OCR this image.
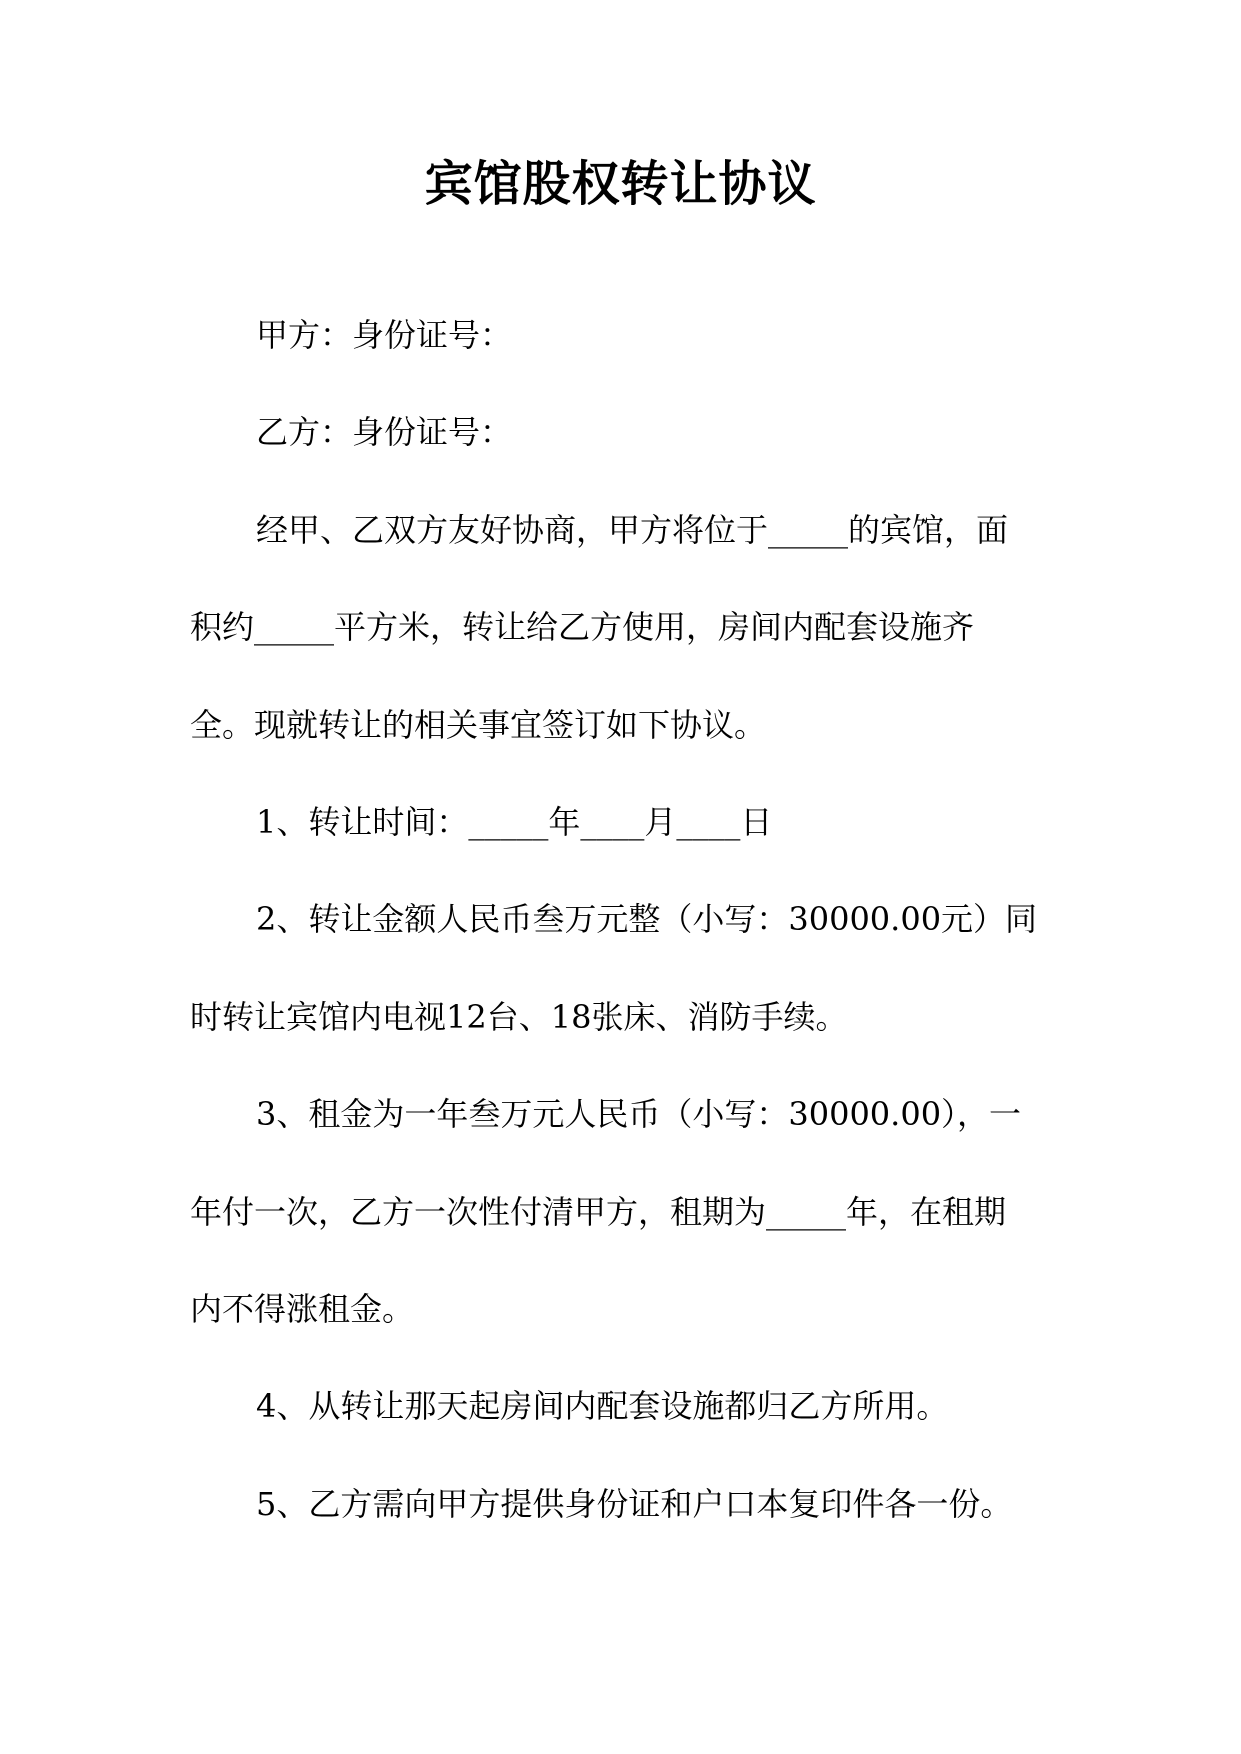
宾馆股权转让协议
甲方：身份证号：
乙方：身份证号：
经甲、乙双方友好协商，甲方将位于_____的宾馆，面
积约_____平方米，转让给乙方使用，房间内配套设施齐
全。现就转让的相关事宜签订如下协议。
1、转让时间：_____年____月____日
2、转让金额人民币叁万元整（小写：30000.00元）同
时转让宾馆内电视12台、18张床、消防手续。
3、租金为一年叁万元人民币（小写：30000.00），一
年付一次，乙方一次性付清甲方，租期为_____年，在租期
内不得涨租金。
4、从转让那天起房间内配套设施都归乙方所用。
5、乙方需向甲方提供身份证和户口本复印件各一份。
